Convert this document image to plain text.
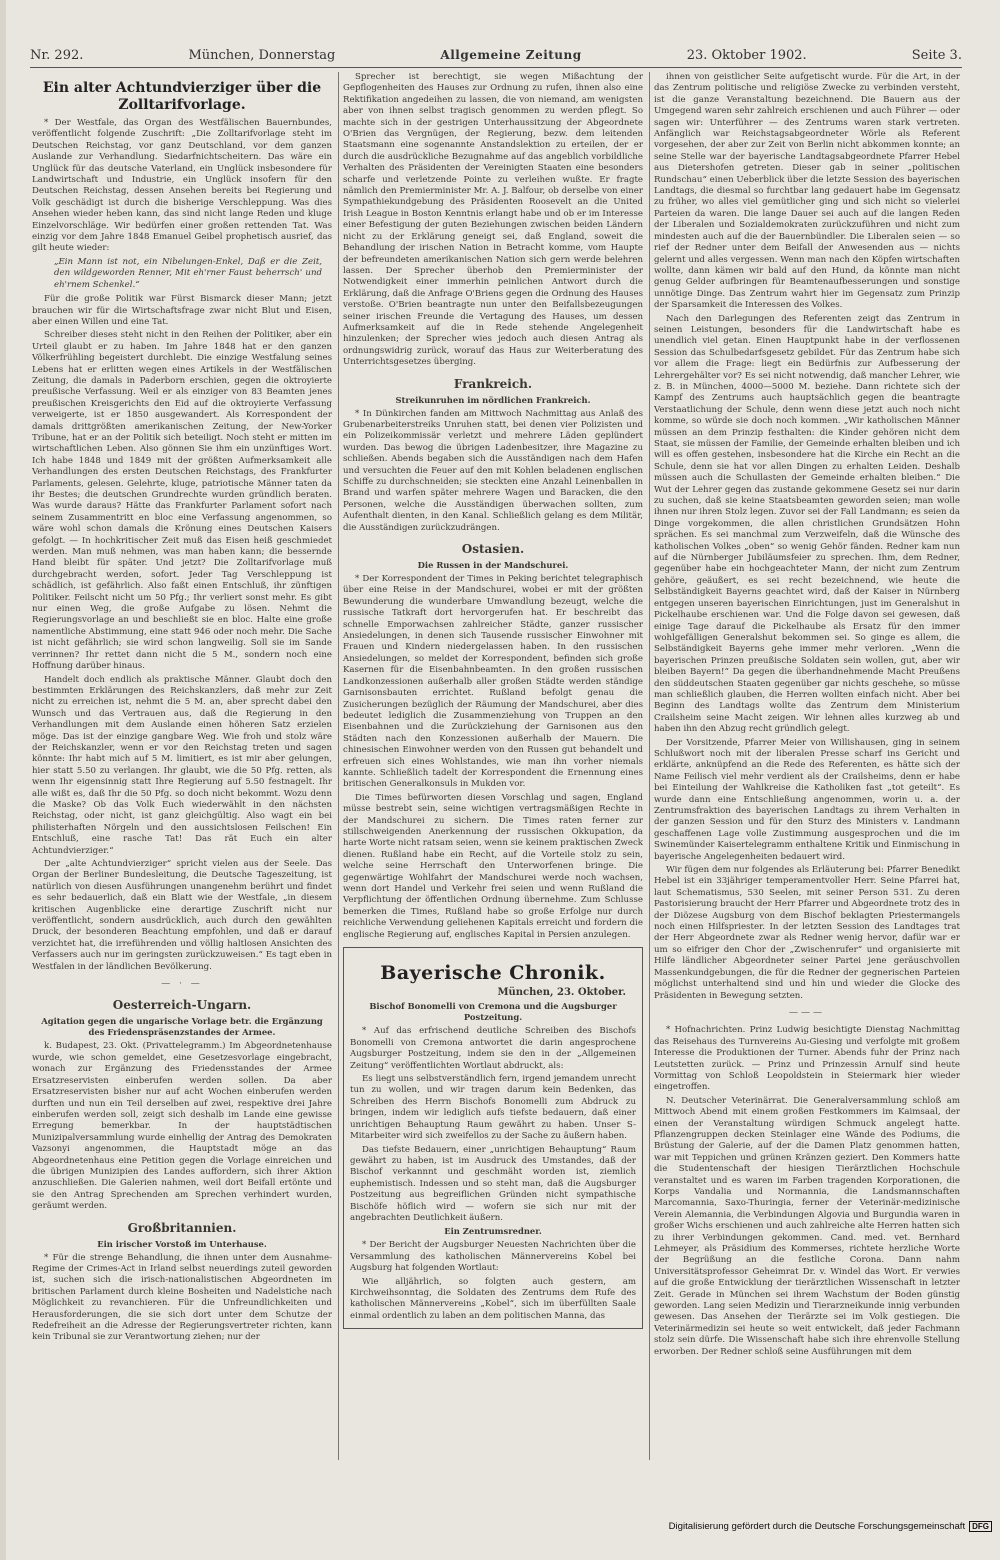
Nr. 292.	München, Donnerstag	Allgemeine Zeitung	23. Oktober 1902.	Seite 3.
Ein alter Achtundvierziger über die Zolltarifvorlage.

* Der Westfale, das Organ des Westfälischen Bauernbundes, veröffentlicht folgende Zuschrift: „Die Zolltarifvorlage steht im Deutschen Reichstag, vor ganz Deutschland, vor dem ganzen Auslande zur Verhandlung. Siedarfnichtscheitern. Das wäre ein Unglück für das deutsche Vaterland, ein Unglück insbesondere für Landwirtschaft und Industrie, ein Unglück insofern für den Deutschen Reichstag, dessen Ansehen bereits bei Regierung und Volk geschädigt ist durch die bisherige Verschleppung. Was dies Ansehen wieder heben kann, das sind nicht lange Reden und kluge Einzelvorschläge. Wir bedürfen einer großen rettenden Tat. Was einzig vor dem Jahre 1848 Emanuel Geibel prophetisch ausrief, das gilt heute wieder:

„Ein Mann ist not, ein Nibelungen-Enkel, Daß er die Zeit, den wildgeworden Renner, Mit eh'rner Faust beherrsch' und eh'rnem Schenkel.“

Für die große Politik war Fürst Bismarck dieser Mann; jetzt brauchen wir für die Wirtschaftsfrage zwar nicht Blut und Eisen, aber einen Willen und eine Tat.

Schreiber dieses steht nicht in den Reihen der Politiker, aber ein Urteil glaubt er zu haben. Im Jahre 1848 hat er den ganzen Völkerfrühling begeistert durchlebt. Die einzige Westfalung seines Lebens hat er erlitten wegen eines Artikels in der Westfälischen Zeitung, die damals in Paderborn erschien, gegen die oktroyierte preußische Verfassung. Weil er als einziger von 83 Beamten jenes preußischen Kreisgerichts den Eid auf die oktroyierte Verfassung verweigerte, ist er 1850 ausgewandert. Als Korrespondent der damals drittgrößten amerikanischen Zeitung, der New-Yorker Tribune, hat er an der Politik sich beteiligt. Noch steht er mitten im wirtschaftlichen Leben. Also gönnen Sie ihm ein unzünftiges Wort. Ich habe 1848 und 1849 mit der größten Aufmerksamkeit alle Verhandlungen des ersten Deutschen Reichstags, des Frankfurter Parlaments, gelesen. Gelehrte, kluge, patriotische Männer taten da ihr Bestes; die deutschen Grundrechte wurden gründlich beraten. Was wurde daraus? Hätte das Frankfurter Parlament sofort nach seinem Zusammentritt en bloc eine Verfassung angenommen, so wäre wohl schon damals die Krönung eines Deutschen Kaisers gefolgt. — In hochkritischer Zeit muß das Eisen heiß geschmiedet werden. Man muß nehmen, was man haben kann; die bessernde Hand bleibt für später. Und jetzt? Die Zolltarifvorlage muß durchgebracht werden, sofort. Jeder Tag Verschleppung ist schädlich, ist gefährlich. Also faßt einen Entschluß, ihr zünftigen Politiker. Feilscht nicht um 50 Pfg.; Ihr verliert sonst mehr. Es gibt nur einen Weg, die große Aufgabe zu lösen. Nehmt die Regierungsvorlage an und beschließt sie en bloc. Halte eine große namentliche Abstimmung, eine statt 946 oder noch mehr. Die Sache ist nicht gefährlich; sie wird schon langweilig. Soll sie im Sande verrinnen? Ihr rettet dann nicht die 5 M., sondern noch eine Hoffnung darüber hinaus.

Handelt doch endlich als praktische Männer. Glaubt doch den bestimmten Erklärungen des Reichskanzlers, daß mehr zur Zeit nicht zu erreichen ist, nehmt die 5 M. an, aber sprecht dabei den Wunsch und das Vertrauen aus, daß die Regierung in den Verhandlungen mit dem Auslande einen höheren Satz erzielen möge. Das ist der einzige gangbare Weg. Wie froh und stolz wäre der Reichskanzler, wenn er vor den Reichstag treten und sagen könnte: Ihr habt mich auf 5 M. limitiert, es ist mir aber gelungen, hier statt 5.50 zu verlangen. Ihr glaubt, wie die 50 Pfg. retten, als wenn Ihr eigensinnig statt Ihre Regierung auf 5.50 festnagelt. Ihr alle wißt es, daß Ihr die 50 Pfg. so doch nicht bekommt. Wozu denn die Maske? Ob das Volk Euch wiederwählt in den nächsten Reichstag, oder nicht, ist ganz gleichgültig. Also wagt ein bei philisterhaften Nörgeln und den aussichtslosen Feilschen! Ein Entschluß, eine rasche Tat! Das rät Euch ein alter Achtundvierziger.“

Der „alte Achtundvierziger“ spricht vielen aus der Seele. Das Organ der Berliner Bundesleitung, die Deutsche Tageszeitung, ist natürlich von diesen Ausführungen unangenehm berührt und findet es sehr bedauerlich, daß ein Blatt wie der Westfale, „in diesem kritischen Augenblicke eine derartige Zuschrift nicht nur veröffentlicht, sondern ausdrücklich, auch durch den gewählten Druck, der besonderen Beachtung empfohlen, und daß er darauf verzichtet hat, die irreführenden und völlig haltlosen Ansichten des Verfassers auch nur im geringsten zurückzuweisen.“ Es tagt eben in Westfalen in der ländlichen Bevölkerung.

— · —
Oesterreich-Ungarn.
Agitation gegen die ungarische Vorlage betr. die Ergänzung des Friedenspräsenzstandes der Armee.

k. Budapest, 23. Okt. (Privattelegramm.) Im Abgeordnetenhause wurde, wie schon gemeldet, eine Gesetzesvorlage eingebracht, wonach zur Ergänzung des Friedensstandes der Armee Ersatzreservisten einberufen werden sollen. Da aber Ersatzreservisten bisher nur auf acht Wochen einberufen werden durften und nun ein Teil derselben auf zwei, respektive drei Jahre einberufen werden soll, zeigt sich deshalb im Lande eine gewisse Erregung bemerkbar. In der hauptstädtischen Munizipalversammlung wurde einhellig der Antrag des Demokraten Vazsonyi angenommen, die Hauptstadt möge an das Abgeordnetenhaus eine Petition gegen die Vorlage einreichen und die übrigen Munizipien des Landes auffordern, sich ihrer Aktion anzuschließen. Die Galerien nahmen, weil dort Beifall ertönte und sie den Antrag Sprechenden am Sprechen verhindert wurden, geräumt werden.

Großbritannien.
Ein irischer Vorstoß im Unterhause.

* Für die strenge Behandlung, die ihnen unter dem Ausnahme-Regime der Crimes-Act in Irland selbst neuerdings zuteil geworden ist, suchen sich die irisch-nationalistischen Abgeordneten im britischen Parlament durch kleine Bosheiten und Nadelstiche nach Möglichkeit zu revanchieren. Für die Unfreundlichkeiten und Herausforderungen, die sie sich dort unter dem Schutze der Redefreiheit an die Adresse der Regierungsvertreter richten, kann kein Tribunal sie zur Verantwortung ziehen; nur der

Sprecher ist berechtigt, sie wegen Mißachtung der Gepflogenheiten des Hauses zur Ordnung zu rufen, ihnen also eine Rektifikation angedeihen zu lassen, die von niemand, am wenigsten aber von ihnen selbst tragisch genommen zu werden pflegt. So machte sich in der gestrigen Unterhaussitzung der Abgeordnete O'Brien das Vergnügen, der Regierung, bezw. dem leitenden Staatsmann eine sogenannte Anstandslektion zu erteilen, der er durch die ausdrückliche Bezugnahme auf das angeblich vorbildliche Verhalten des Präsidenten der Vereinigten Staaten eine besonders scharfe und verletzende Pointe zu verleihen wußte. Er fragte nämlich den Premierminister Mr. A. J. Balfour, ob derselbe von einer Sympathiekundgebung des Präsidenten Roosevelt an die United Irish League in Boston Kenntnis erlangt habe und ob er im Interesse einer Befestigung der guten Beziehungen zwischen beiden Ländern nicht zu der Erklärung geneigt sei, daß England, soweit die Behandlung der irischen Nation in Betracht komme, vom Haupte der befreundeten amerikanischen Nation sich gern werde belehren lassen. Der Sprecher überhob den Premierminister der Notwendigkeit einer immerhin peinlichen Antwort durch die Erklärung, daß die Anfrage O'Briens gegen die Ordnung des Hauses verstoße. O'Brien beantragte nun unter den Beifallsbezeugungen seiner irischen Freunde die Vertagung des Hauses, um dessen Aufmerksamkeit auf die in Rede stehende Angelegenheit hinzulenken; der Sprecher wies jedoch auch diesen Antrag als ordnungswidrig zurück, worauf das Haus zur Weiterberatung des Unterrichtsgesetzes überging.

Frankreich.
Streikunruhen im nördlichen Frankreich.

* In Dünkirchen fanden am Mittwoch Nachmittag aus Anlaß des Grubenarbeiterstreiks Unruhen statt, bei denen vier Polizisten und ein Polizeikommissär verletzt und mehrere Läden geplündert wurden. Das bewog die übrigen Ladenbesitzer, ihre Magazine zu schließen. Abends begaben sich die Ausständigen nach dem Hafen und versuchten die Feuer auf den mit Kohlen beladenen englischen Schiffe zu durchschneiden; sie steckten eine Anzahl Leinenballen in Brand und warfen später mehrere Wagen und Baracken, die den Personen, welche die Ausständigen überwachen sollten, zum Aufenthalt dienten, in den Kanal. Schließlich gelang es dem Militär, die Ausständigen zurückzudrängen.

Ostasien.
Die Russen in der Mandschurei.

* Der Korrespondent der Times in Peking berichtet telegraphisch über eine Reise in der Mandschurei, wobei er mit der größten Bewunderung die wunderbare Umwandlung bezeugt, welche die russische Tatkraft dort hervorgerufen hat. Er beschreibt das schnelle Emporwachsen zahlreicher Städte, ganzer russischer Ansiedelungen, in denen sich Tausende russischer Einwohner mit Frauen und Kindern niedergelassen haben. In den russischen Ansiedelungen, so meldet der Korrespondent, befinden sich große Kasernen für die Eisenbahnbeamten. In den großen russischen Landkonzessionen außerhalb aller großen Städte werden ständige Garnisonsbauten errichtet. Rußland befolgt genau die Zusicherungen bezüglich der Räumung der Mandschurei, aber dies bedeutet lediglich die Zusammenziehung von Truppen an den Eisenbahnen und die Zurückziehung der Garnisonen aus den Städten nach den Konzessionen außerhalb der Mauern. Die chinesischen Einwohner werden von den Russen gut behandelt und erfreuen sich eines Wohlstandes, wie man ihn vorher niemals kannte. Schließlich tadelt der Korrespondent die Ernennung eines britischen Generalkonsuls in Mukden vor.

Die Times befürworten diesen Vorschlag und sagen, England müsse bestrebt sein, seine wichtigen vertragsmäßigen Rechte in der Mandschurei zu sichern. Die Times raten ferner zur stillschweigenden Anerkennung der russischen Okkupation, da harte Worte nicht ratsam seien, wenn sie keinem praktischen Zweck dienen. Rußland habe ein Recht, auf die Vorteile stolz zu sein, welche seine Herrschaft den Unterworfenen bringe. Die gegenwärtige Wohlfahrt der Mandschurei werde noch wachsen, wenn dort Handel und Verkehr frei seien und wenn Rußland die Verpflichtung der öffentlichen Ordnung übernehme. Zum Schlusse bemerken die Times, Rußland habe so große Erfolge nur durch reichliche Verwendung geliehenen Kapitals erreicht und fordern die englische Regierung auf, englisches Kapital in Persien anzulegen.

Bayerische Chronik.
München, 23. Oktober.
Bischof Bonomelli von Cremona und die Augsburger Postzeitung.

* Auf das erfrischend deutliche Schreiben des Bischofs Bonomelli von Cremona antwortet die darin angesprochene Augsburger Postzeitung, indem sie den in der „Allgemeinen Zeitung“ veröffentlichten Wortlaut abdruckt, als:

Es liegt uns selbstverständlich fern, irgend jemandem unrecht tun zu wollen, und wir tragen darum kein Bedenken, das Schreiben des Herrn Bischofs Bonomelli zum Abdruck zu bringen, indem wir lediglich aufs tiefste bedauern, daß einer unrichtigen Behauptung Raum gewährt zu haben. Unser S-Mitarbeiter wird sich zweifellos zu der Sache zu äußern haben.

Das tiefste Bedauern, einer „unrichtigen Behauptung“ Raum gewährt zu haben, ist im Ausdruck des Umstandes, daß der Bischof verkannnt und geschmäht worden ist, ziemlich euphemistisch. Indessen und so steht man, daß die Augsburger Postzeitung aus begreiflichen Gründen nicht sympathische Bischöfe höflich wird — wofern sie sich nur mit der angebrachten Deutlichkeit äußern.

Ein Zentrumsredner.

* Der Bericht der Augsburger Neuesten Nachrichten über die Versammlung des katholischen Männervereins Kobel bei Augsburg hat folgenden Wortlaut:

Wie alljährlich, so folgten auch gestern, am Kirchweihsonntag, die Soldaten des Zentrums dem Rufe des katholischen Männervereins „Kobel“, sich im überfüllten Saale einmal ordentlich zu laben an dem politischen Manna, das

ihnen von geistlicher Seite aufgetischt wurde. Für die Art, in der das Zentrum politische und religiöse Zwecke zu verbinden versteht, ist die ganze Veranstaltung bezeichnend. Die Bauern aus der Umgegend waren sehr zahlreich erschienen und auch Führer — oder sagen wir: Unterführer — des Zentrums waren stark vertreten. Anfänglich war Reichstagsabgeordneter Wörle als Referent vorgesehen, der aber zur Zeit von Berlin nicht abkommen konnte; an seine Stelle war der bayerische Landtagsabgeordnete Pfarrer Hebel aus Dietershofen getreten. Dieser gab in seiner „politischen Rundschau“ einen Ueberblick über die letzte Session des bayerischen Landtags, die diesmal so furchtbar lang gedauert habe im Gegensatz zu früher, wo alles viel gemütlicher ging und sich nicht so vielerlei Parteien da waren. Die lange Dauer sei auch auf die langen Reden der Liberalen und Sozialdemokraten zurückzuführen und nicht zum mindesten auch auf die der Bauernbündler. Die Liberalen seien — so rief der Redner unter dem Beifall der Anwesenden aus — nichts gelernt und alles vergessen. Wenn man nach den Köpfen wirtschaften wollte, dann kämen wir bald auf den Hund, da könnte man nicht genug Gelder aufbringen für Beamtenaufbesserungen und sonstige unnötige Dinge. Das Zentrum wahrt hier im Gegensatz zum Prinzip der Sparsamkeit die Interessen des Volkes.

Nach den Darlegungen des Referenten zeigt das Zentrum in seinen Leistungen, besonders für die Landwirtschaft habe es unendlich viel getan. Einen Hauptpunkt habe in der verflossenen Session das Schulbedarfsgesetz gebildet. Für das Zentrum habe sich vor allem die Frage: liegt ein Bedürfnis zur Aufbesserung der Lehrergehälter vor? Es sei nicht notwendig, daß mancher Lehrer, wie z. B. in München, 4000—5000 M. beziehe. Dann richtete sich der Kampf des Zentrums auch hauptsächlich gegen die beantragte Verstaatlichung der Schule, denn wenn diese jetzt auch noch nicht komme, so würde sie doch noch kommen. „Wir katholischen Männer müssen an dem Prinzip festhalten: die Kinder gehören nicht dem Staat, sie müssen der Familie, der Gemeinde erhalten bleiben und ich will es offen gestehen, insbesondere hat die Kirche ein Recht an die Schule, denn sie hat vor allen Dingen zu erhalten Leiden. Deshalb müssen auch die Schullasten der Gemeinde erhalten bleiben.“ Die Wut der Lehrer gegen das zustande gekommene Gesetz sei nur darin zu suchen, daß sie keine Staatsbeamten geworden seien; man wolle ihnen nur ihren Stolz legen. Zuvor sei der Fall Landmann; es seien da Dinge vorgekommen, die allen christlichen Grundsätzen Hohn sprächen. Es sei manchmal zum Verzweifeln, daß die Wünsche des katholischen Volkes „oben“ so wenig Gehör fänden. Redner kam nun auf die Nürnberger Jubiläumsfeier zu sprechen. Ihm, dem Redner, gegenüber habe ein hochgeachteter Mann, der nicht zum Zentrum gehöre, geäußert, es sei recht bezeichnend, wie heute die Selbständigkeit Bayerns geachtet wird, daß der Kaiser in Nürnberg entgegen unseren bayerischen Einrichtungen, just im Generalshut in Pickelhaube erschienen war. Und die Folge davon sei gewesen, daß einige Tage darauf die Pickelhaube als Ersatz für den immer wohlgefälligen Generalshut bekommen sei. So ginge es allem, die Selbständigkeit Bayerns gehe immer mehr verloren. „Wenn die bayerischen Prinzen preußische Soldaten sein wollen, gut, aber wir bleiben Bayern!“ Da gegen die überhandnehmende Macht Preußens den süddeutschen Staaten gegenüber gar nichts geschehe, so müsse man schließlich glauben, die Herren wollten einfach nicht. Aber bei Beginn des Landtags wollte das Zentrum dem Ministerium Crailsheim seine Macht zeigen. Wir lehnen alles kurzweg ab und haben ihn den Abzug recht gründlich gelegt.

Der Vorsitzende, Pfarrer Meier von Willishausen, ging in seinem Schlußwort noch mit der liberalen Presse scharf ins Gericht und erklärte, anknüpfend an die Rede des Referenten, es hätte sich der Name Feilisch viel mehr verdient als der Crailsheims, denn er habe bei Einteilung der Wahlkreise die Katholiken fast „tot geteilt“. Es wurde dann eine Entschließung angenommen, worin u. a. der Zentrumsfraktion des bayerischen Landtags zu ihrem Verhalten in der ganzen Session und für den Sturz des Ministers v. Landmann geschaffenen Lage volle Zustimmung ausgesprochen und die im Swinemünder Kaisertelegramm enthaltene Kritik und Einmischung in bayerische Angelegenheiten bedauert wird.

Wir fügen dem nur folgendes als Erläuterung bei: Pfarrer Benedikt Hebel ist ein 33jähriger temperamentvoller Herr. Seine Pfarrei hat, laut Schematismus, 530 Seelen, mit seiner Person 531. Zu deren Pastorisierung braucht der Herr Pfarrer und Abgeordnete trotz des in der Diözese Augsburg von dem Bischof beklagten Priestermangels noch einen Hilfspriester. In der letzten Session des Landtages trat der Herr Abgeordnete zwar als Redner wenig hervor, dafür war er um so eifriger den Chor der „Zwischenrufer“ und organisierte mit Hilfe ländlicher Abgeordneter seiner Partei jene geräuschvollen Massenkundgebungen, die für die Redner der gegnerischen Parteien möglichst unterhaltend sind und hin und wieder die Glocke des Präsidenten in Bewegung setzten.

———

* Hofnachrichten. Prinz Ludwig besichtigte Dienstag Nachmittag das Reisehaus des Turnvereins Au-Giesing und verfolgte mit großem Interesse die Produktionen der Turner. Abends fuhr der Prinz nach Leutstetten zurück. — Prinz und Prinzessin Arnulf sind heute Vormittag von Schloß Leopoldstein in Steiermark hier wieder eingetroffen.

N. Deutscher Veterinärrat. Die Generalversammlung schloß am Mittwoch Abend mit einem großen Festkommers im Kaimsaal, der einen der Veranstaltung würdigen Schmuck angelegt hatte. Pflanzengruppen decken Steinlager eine Wände des Podiums, die Brüstung der Galerie, auf der die Damen Platz genommen hatten, war mit Teppichen und grünen Kränzen geziert. Den Kommers hatte die Studentenschaft der hiesigen Tierärztlichen Hochschule veranstaltet und es waren im Farben tragenden Korporationen, die Korps Vandalia und Normannia, die Landsmannschaften Marcomannia, Saxo-Thuringia, ferner der Veterinär-medizinische Verein Alemannia, die Verbindungen Algovia und Burgundia waren in großer Wichs erschienen und auch zahlreiche alte Herren hatten sich zu ihrer Verbindungen gekommen. Cand. med. vet. Bernhard Lehmeyer, als Präsidium des Kommerses, richtete herzliche Worte der Begrüßung an die festliche Corona. Dann nahm Universitätsprofessor Geheimrat Dr. v. Windel das Wort. Er verwies auf die große Entwicklung der tierärztlichen Wissenschaft in letzter Zeit. Gerade in München sei ihrem Wachstum der Boden günstig geworden. Lang seien Medizin und Tierarzneikunde innig verbunden gewesen. Das Ansehen der Tierärzte sei im Volk gestiegen. Die Veterinärmedizin sei heute so weit entwickelt, daß jeder Fachmann stolz sein dürfe. Die Wissenschaft habe sich ihre ehrenvolle Stellung erworben. Der Redner schloß seine Ausführungen mit dem

Digitalisierung gefördert durch die Deutsche Forschungsgemeinschaft DFG
